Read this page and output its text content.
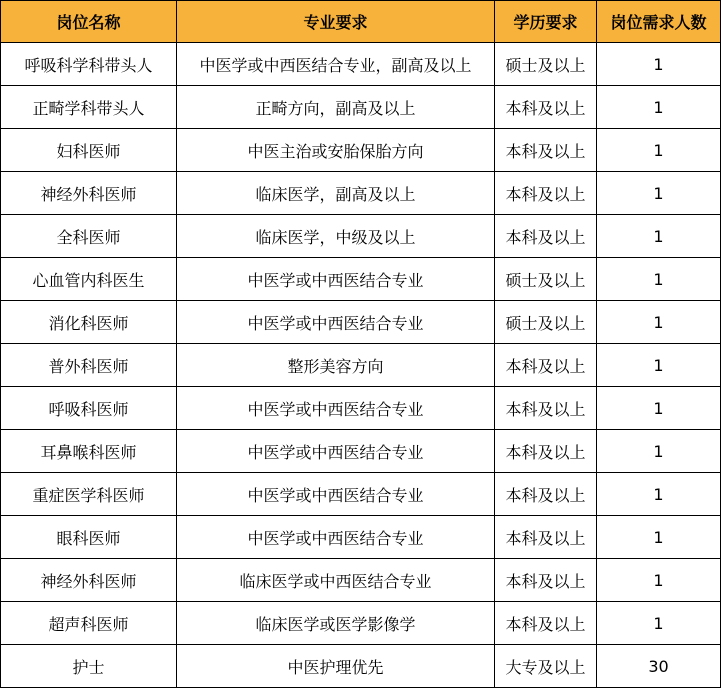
岗位名称	专业要求	学历要求	岗位需求人数
呼吸科学科带头人	中医学或中西医结合专业，副高及以上	硕士及以上	1
正畸学科带头人	正畸方向，副高及以上	本科及以上	1
妇科医师	中医主治或安胎保胎方向	本科及以上	1
神经外科医师	临床医学，副高及以上	本科及以上	1
全科医师	临床医学，中级及以上	本科及以上	1
心血管内科医生	中医学或中西医结合专业	硕士及以上	1
消化科医师	中医学或中西医结合专业	硕士及以上	1
普外科医师	整形美容方向	本科及以上	1
呼吸科医师	中医学或中西医结合专业	本科及以上	1
耳鼻喉科医师	中医学或中西医结合专业	本科及以上	1
重症医学科医师	中医学或中西医结合专业	本科及以上	1
眼科医师	中医学或中西医结合专业	本科及以上	1
神经外科医师	临床医学或中西医结合专业	本科及以上	1
超声科医师	临床医学或医学影像学	本科及以上	1
护士	中医护理优先	大专及以上	30
